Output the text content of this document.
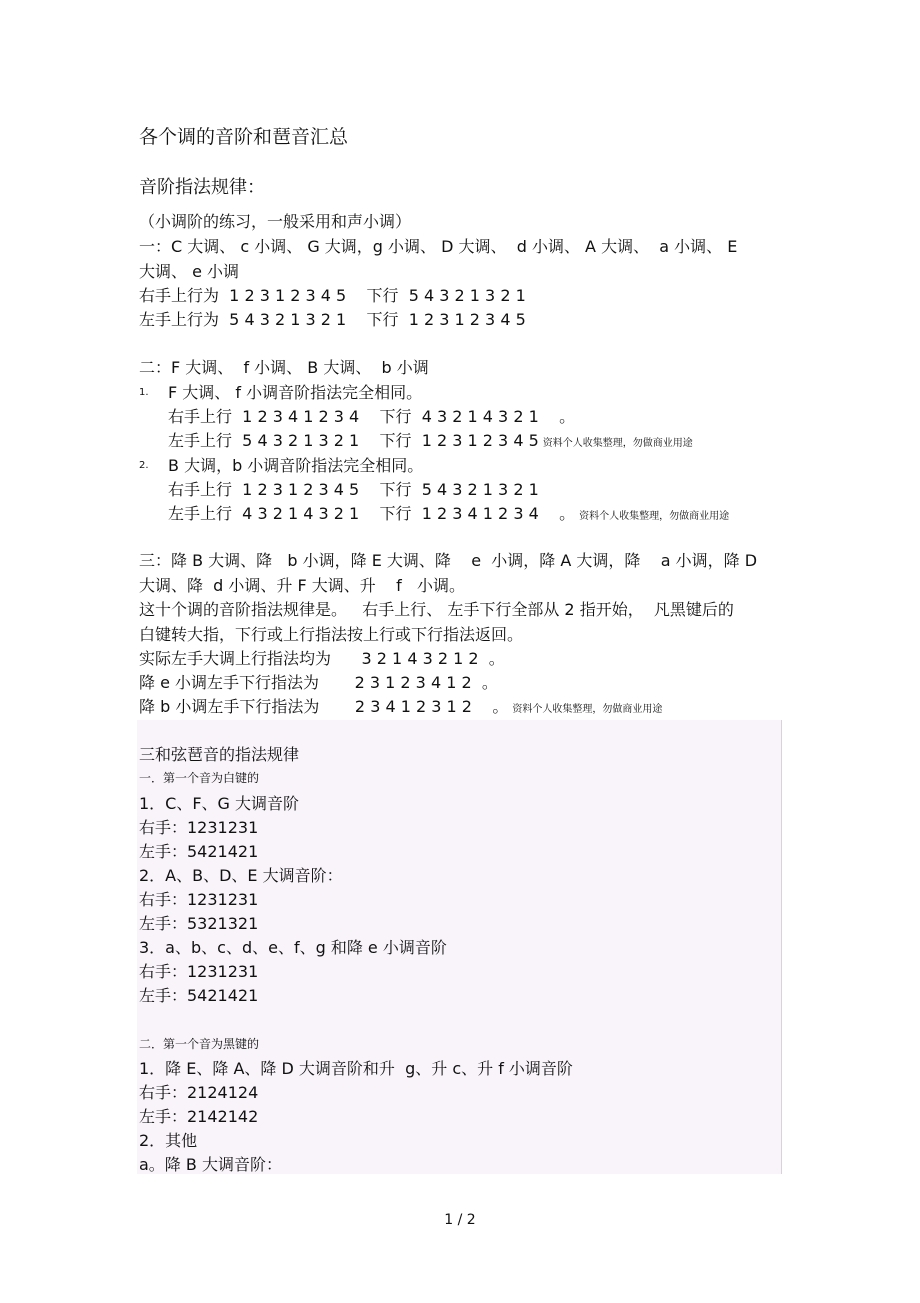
各个调的音阶和琶音汇总
音阶指法规律：
（小调阶的练习，一般采用和声小调）
一：C 大调、 c 小调、 G 大调，g 小调、 D 大调、  d 小调、 A 大调、  a 小调、 E
大调、 e 小调
右手上行为  1 2 3 1 2 3 4 5    下行  5 4 3 2 1 3 2 1
左手上行为  5 4 3 2 1 3 2 1    下行  1 2 3 1 2 3 4 5
二：F 大调、  f 小调、 B 大调、  b 小调
1. F 大调、 f 小调音阶指法完全相同。
右手上行  1 2 3 4 1 2 3 4    下行  4 3 2 1 4 3 2 1    。
左手上行  5 4 3 2 1 3 2 1    下行  1 2 3 1 2 3 4 5 资料个人收集整理，勿做商业用途
2. B 大调，b 小调音阶指法完全相同。
右手上行  1 2 3 1 2 3 4 5    下行  5 4 3 2 1 3 2 1
左手上行  4 3 2 1 4 3 2 1    下行  1 2 3 4 1 2 3 4    。 资料个人收集整理，勿做商业用途
三：降 B 大调、降   b 小调，降 E 大调、降    e  小调，降 A 大调，降    a 小调，降 D
大调、降  d 小调、升 F 大调、升    f   小调。
这十个调的音阶指法规律是。   右手上行、 左手下行全部从 2 指开始，  凡黑键后的
白键转大指，下行或上行指法按上行或下行指法返回。
实际左手大调上行指法均为      3 2 1 4 3 2 1 2  。
降 e 小调左手下行指法为       2 3 1 2 3 4 1 2  。
降 b 小调左手下行指法为       2 3 4 1 2 3 1 2    。 资料个人收集整理，勿做商业用途
三和弦琶音的指法规律
一．第一个音为白键的
1．C、F、G 大调音阶
右手：1231231
左手：5421421
2．A、B、D、E 大调音阶：
右手：1231231
左手：5321321
3．a、b、c、d、e、f、g 和降 e 小调音阶
右手：1231231
左手：5421421
二．第一个音为黑键的
1．降 E、降 A、降 D 大调音阶和升  g、升 c、升 f 小调音阶
右手：2124124
左手：2142142
2．其他
a。降 B 大调音阶：
1 / 2
